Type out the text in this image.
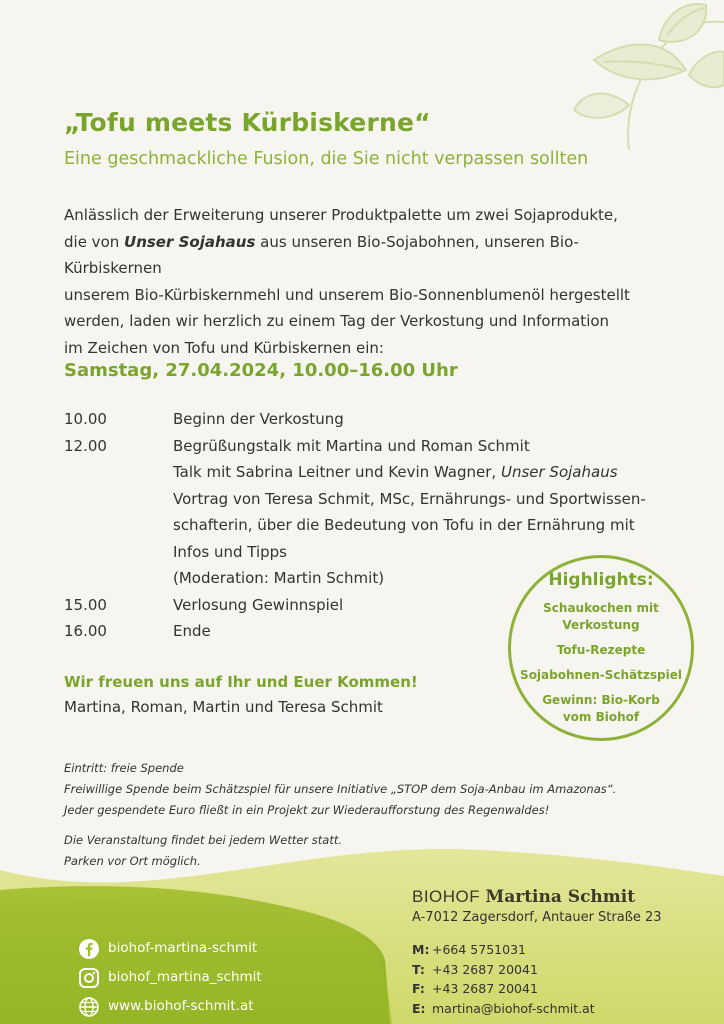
„Tofu meets Kürbiskerne“

Eine geschmackliche Fusion, die Sie nicht verpassen sollten

Anlässlich der Erweiterung unserer Produktpalette um zwei Sojaprodukte,
die von Unser Sojahaus aus unseren Bio-Sojabohnen, unseren Bio-Kürbiskernen
unserem Bio-Kürbiskernmehl und unserem Bio-Sonnenblumenöl hergestellt
werden, laden wir herzlich zu einem Tag der Verkostung und Information
im Zeichen von Tofu und Kürbiskernen ein:

Samstag, 27.04.2024, 10.00–16.00 Uhr

10.00	Beginn der Verkostung
12.00	Begrüßungstalk mit Martina und Roman Schmit
Talk mit Sabrina Leitner und Kevin Wagner, Unser Sojahaus
Vortrag von Teresa Schmit, MSc, Ernährungs- und Sportwissen-
schafterin, über die Bedeutung von Tofu in der Ernährung mit
Infos und Tipps
(Moderation: Martin Schmit)
15.00	Verlosung Gewinnspiel
16.00	Ende

Highlights:

Schaukochen mit Verkostung

Tofu-Rezepte

Sojabohnen-Schätzspiel

Gewinn: Bio-Korb vom Biohof

Wir freuen uns auf Ihr und Euer Kommen!

Martina, Roman, Martin und Teresa Schmit

Eintritt: freie Spende

Freiwillige Spende beim Schätzspiel für unsere Initiative „STOP dem Soja-Anbau im Amazonas“.

Jeder gespendete Euro fließt in ein Projekt zur Wiederaufforstung des Regenwaldes!

Die Veranstaltung findet bei jedem Wetter statt.

Parken vor Ort möglich.

BIOHOF Martina Schmit

A-7012 Zagersdorf, Antauer Straße 23

M: +664 5751031
T: +43 2687 20041
F: +43 2687 20041
E: martina@biohof-schmit.at
biohof-martina-schmit
biohof_martina_schmit
www.biohof-schmit.at
